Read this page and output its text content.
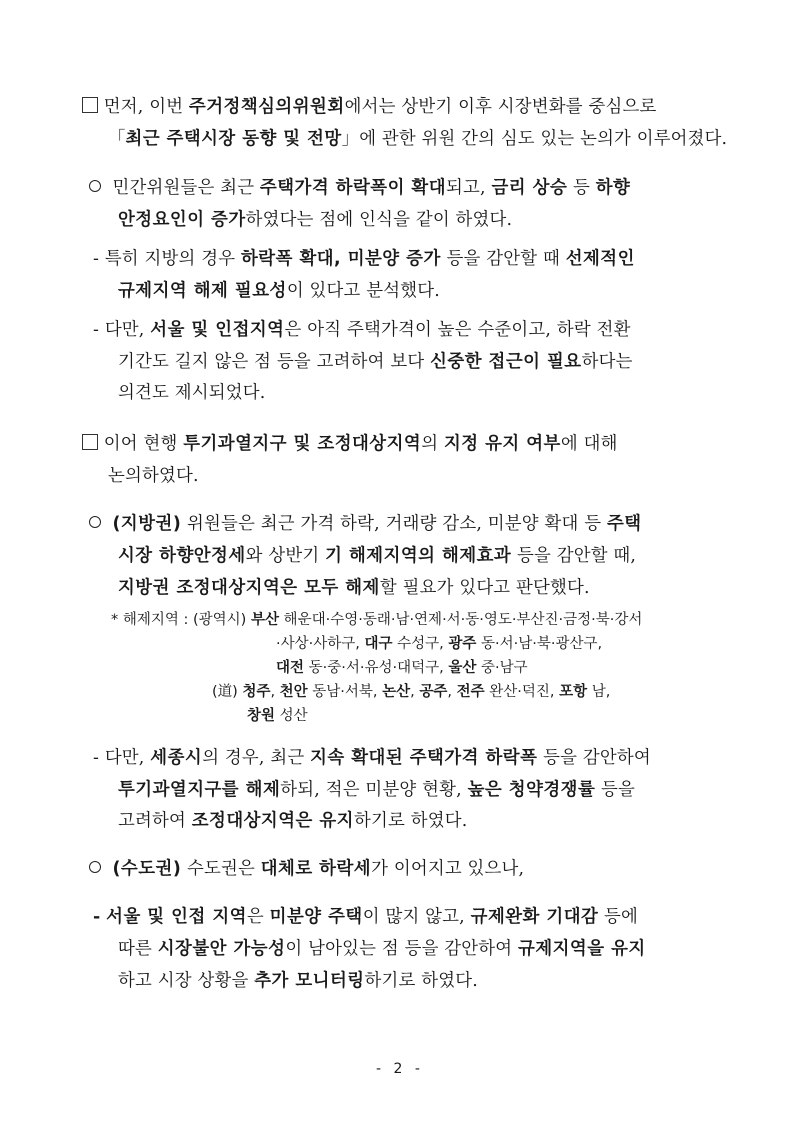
먼저, 이번 주거정책심의위원회에서는 상반기 이후 시장변화를 중심으로
「최근 주택시장 동향 및 전망」에 관한 위원 간의 심도 있는 논의가 이루어졌다.
민간위원들은 최근 주택가격 하락폭이 확대되고, 금리 상승 등 하향
안정요인이 증가하였다는 점에 인식을 같이 하였다.
- 특히 지방의 경우 하락폭 확대, 미분양 증가 등을 감안할 때 선제적인
규제지역 해제 필요성이 있다고 분석했다.
- 다만, 서울 및 인접지역은 아직 주택가격이 높은 수준이고, 하락 전환
기간도 길지 않은 점 등을 고려하여 보다 신중한 접근이 필요하다는
의견도 제시되었다.
이어 현행 투기과열지구 및 조정대상지역의 지정 유지 여부에 대해
논의하였다.
(지방권) 위원들은 최근 가격 하락, 거래량 감소, 미분양 확대 등 주택
시장 하향안정세와 상반기 기 해제지역의 해제효과 등을 감안할 때,
지방권 조정대상지역은 모두 해제할 필요가 있다고 판단했다.
* 해제지역 : (광역시) 부산 해운대·수영·동래·남·연제·서·동·영도·부산진·금정·북·강서
·사상·사하구, 대구 수성구, 광주 동·서·남·북·광산구,
대전 동·중·서·유성·대덕구, 울산 중·남구
(道) 청주, 천안 동남·서북, 논산, 공주, 전주 완산·덕진, 포항 남,
창원 성산
- 다만, 세종시의 경우, 최근 지속 확대된 주택가격 하락폭 등을 감안하여
투기과열지구를 해제하되, 적은 미분양 현황, 높은 청약경쟁률 등을
고려하여 조정대상지역은 유지하기로 하였다.
(수도권) 수도권은 대체로 하락세가 이어지고 있으나,
- 서울 및 인접 지역은 미분양 주택이 많지 않고, 규제완화 기대감 등에
따른 시장불안 가능성이 남아있는 점 등을 감안하여 규제지역을 유지
하고 시장 상황을 추가 모니터링하기로 하였다.
- 2 -
